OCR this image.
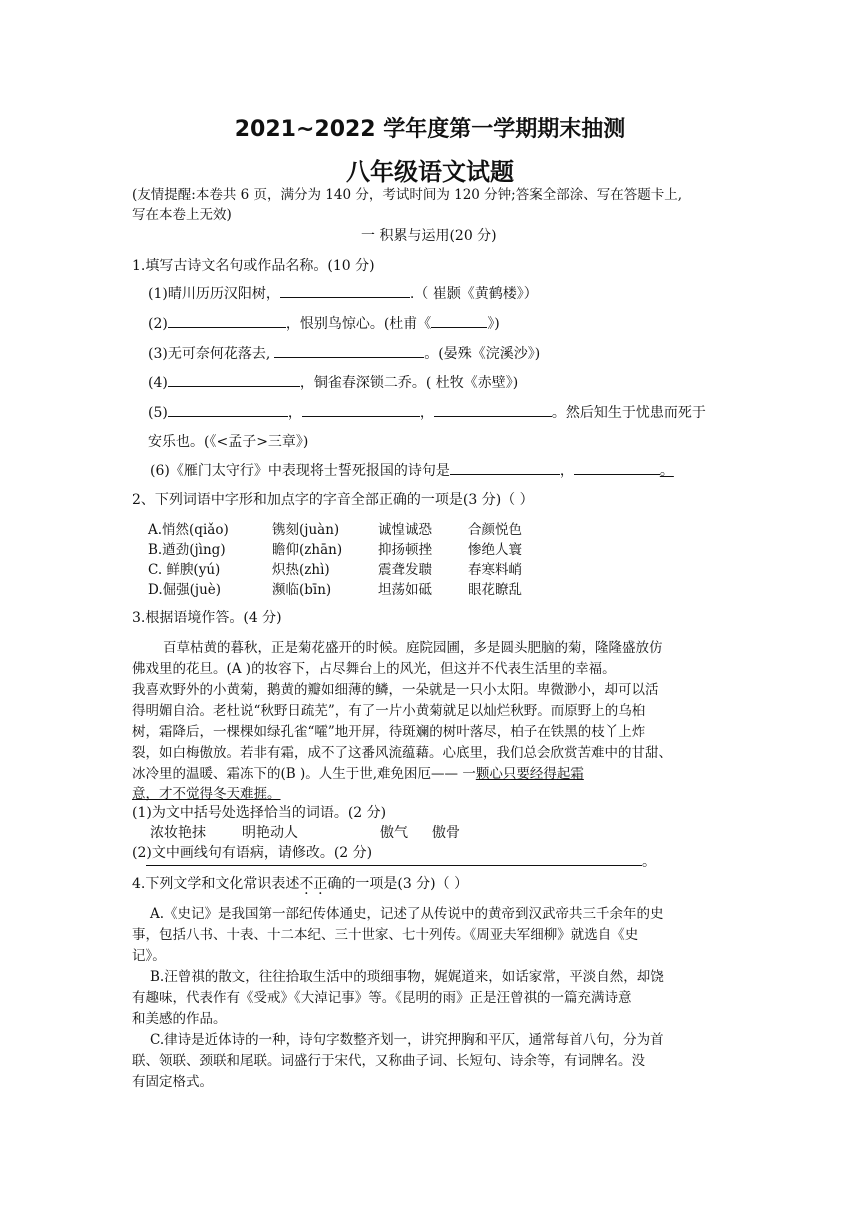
2021~2022 学年度第一学期期末抽测
八年级语文试题
(友情提醒:本卷共 6 页，满分为 140 分，考试时间为 120 分钟;答案全部涂、写在答题卡上,
写在本卷上无效)
一 积累与运用(20 分)
1.填写古诗文名句或作品名称。(10 分)
(1)晴川历历汉阳树，	.（ 崔颢《黄鹤楼》）
(2)	，恨别鸟惊心。(杜甫《	》)
(3)无可奈何花落去,	。(晏殊《浣溪沙》)
(4)	，铜雀春深锁二乔。( 杜牧《赤壁》)
(5)	，	，	。然后知生于忧患而死于
安乐也。(《<孟子>三章》)
(6)《雁门太守行》中表现将士誓死报国的诗句是	，	。
2、下列词语中字形和加点字的字音全部正确的一项是(3 分)（ ）
A.悄然(qiǎo)	镌刻(juàn)	诚惶诚恐	合颜悦色
B.遒劲(jìng)	瞻仰(zhān)	抑扬顿挫	惨绝人寰
C. 鲜腴(yú)	炽热(zhì)	震聋发聩	春寒料峭
D.倔强(juè)	濒临(bīn)	坦荡如砥	眼花瞭乱
3.根据语境作答。(4 分)
百草枯黄的暮秋，正是菊花盛开的时候。庭院园圃，多是圆头肥脑的菊，隆隆盛放仿
佛戏里的花旦。(A )的妆容下，占尽舞台上的风光，但这并不代表生活里的幸福。
我喜欢野外的小黄菊，鹅黄的瓣如细薄的鳞，一朵就是一只小太阳。卑微渺小，却可以活
得明媚自洽。老杜说“秋野日疏芜”，有了一片小黄菊就足以灿烂秋野。而原野上的乌桕
树，霜降后，一棵棵如绿孔雀“嚯”地开屏，待斑斓的树叶落尽，柏子在铁黑的枝丫上炸
裂，如白梅傲放。若非有霜，成不了这番风流蕴藉。心底里，我们总会欣赏苦难中的甘甜、
冰冷里的温暖、霜冻下的(B )。人生于世,难免困厄—— 一颗心只要经得起霜
意，才不觉得冬天难捱。
(1)为文中括号处选择恰当的词语。(2 分)
浓妆艳抹	明艳动人	傲气 傲骨
(2)文中画线句有语病，请修改。(2 分)
。
4.下列文学和文化常识表述不正确的一项是(3 分)（ ）
A.《史记》是我国第一部纪传体通史，记述了从传说中的黄帝到汉武帝共三千余年的史
事，包括八书、十表、十二本纪、三十世家、七十列传。《周亚夫军细柳》就选自《史
记》。
B.汪曾祺的散文，往往拾取生活中的琐细事物，娓娓道来，如话家常，平淡自然，却饶
有趣味，代表作有《受戒》《大淖记事》等。《昆明的雨》正是汪曾祺的一篇充满诗意
和美感的作品。
C.律诗是近体诗的一种，诗句字数整齐划一，讲究押胸和平仄，通常每首八句，分为首
联、领联、颈联和尾联。词盛行于宋代，又称曲子词、长短句、诗余等，有词牌名。没
有固定格式。
